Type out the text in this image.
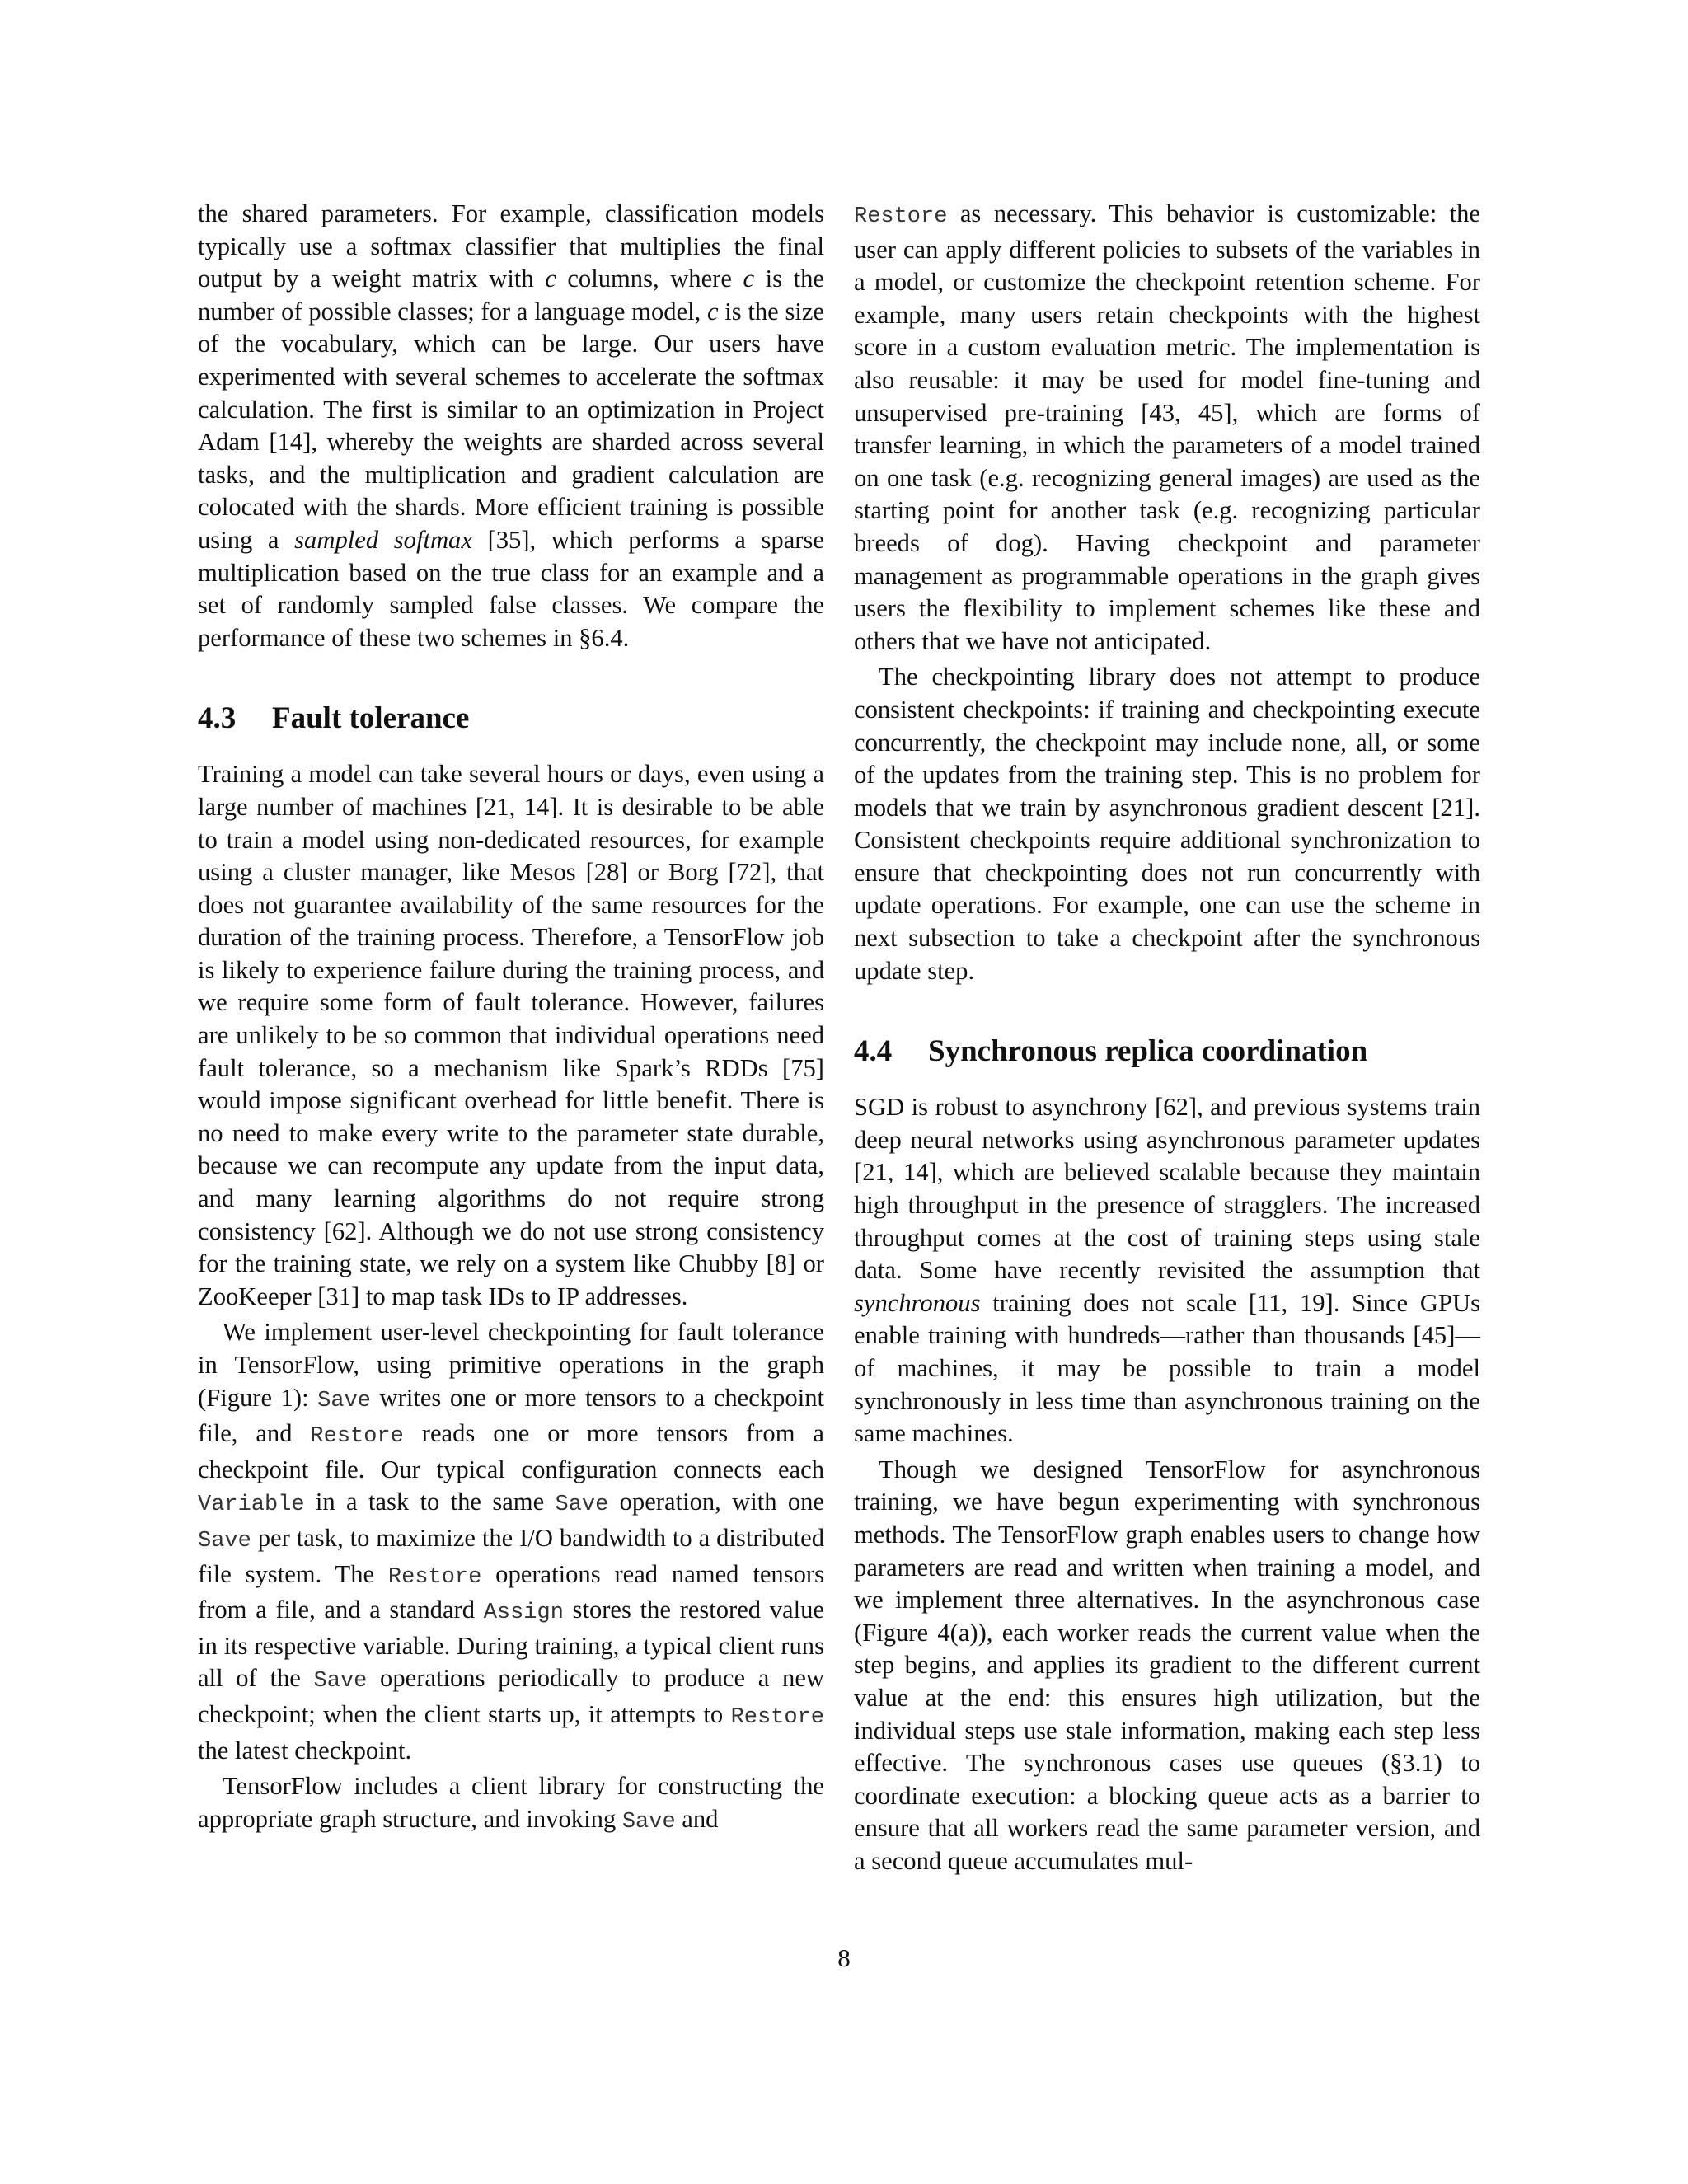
the shared parameters. For example, classification models typically use a softmax classifier that multiplies the final output by a weight matrix with c columns, where c is the number of possible classes; for a language model, c is the size of the vocabulary, which can be large. Our users have experimented with several schemes to accelerate the softmax calculation. The first is similar to an optimization in Project Adam [14], whereby the weights are sharded across several tasks, and the multiplication and gradient calculation are colocated with the shards. More efficient training is possible using a sampled softmax [35], which performs a sparse multiplication based on the true class for an example and a set of randomly sampled false classes. We compare the performance of these two schemes in §6.4.

4.3 Fault tolerance

Training a model can take several hours or days, even using a large number of machines [21, 14]. It is desirable to be able to train a model using non-dedicated resources, for example using a cluster manager, like Mesos [28] or Borg [72], that does not guarantee availability of the same resources for the duration of the training process. Therefore, a TensorFlow job is likely to experience failure during the training process, and we require some form of fault tolerance. However, failures are unlikely to be so common that individual operations need fault tolerance, so a mechanism like Spark’s RDDs [75] would impose significant overhead for little benefit. There is no need to make every write to the parameter state durable, because we can recompute any update from the input data, and many learning algorithms do not require strong consistency [62]. Although we do not use strong consistency for the training state, we rely on a system like Chubby [8] or ZooKeeper [31] to map task IDs to IP addresses.

We implement user-level checkpointing for fault tolerance in TensorFlow, using primitive operations in the graph (Figure 1): Save writes one or more tensors to a checkpoint file, and Restore reads one or more tensors from a checkpoint file. Our typical configuration connects each Variable in a task to the same Save operation, with one Save per task, to maximize the I/O bandwidth to a distributed file system. The Restore operations read named tensors from a file, and a standard Assign stores the restored value in its respective variable. During training, a typical client runs all of the Save operations periodically to produce a new checkpoint; when the client starts up, it attempts to Restore the latest checkpoint.

TensorFlow includes a client library for constructing the appropriate graph structure, and invoking Save and

Restore as necessary. This behavior is customizable: the user can apply different policies to subsets of the variables in a model, or customize the checkpoint retention scheme. For example, many users retain checkpoints with the highest score in a custom evaluation metric. The implementation is also reusable: it may be used for model fine-tuning and unsupervised pre-training [43, 45], which are forms of transfer learning, in which the parameters of a model trained on one task (e.g. recognizing general images) are used as the starting point for another task (e.g. recognizing particular breeds of dog). Having checkpoint and parameter management as programmable operations in the graph gives users the flexibility to implement schemes like these and others that we have not anticipated.

The checkpointing library does not attempt to produce consistent checkpoints: if training and checkpointing execute concurrently, the checkpoint may include none, all, or some of the updates from the training step. This is no problem for models that we train by asynchronous gradient descent [21]. Consistent checkpoints require additional synchronization to ensure that checkpointing does not run concurrently with update operations. For example, one can use the scheme in next subsection to take a checkpoint after the synchronous update step.

4.4 Synchronous replica coordination

SGD is robust to asynchrony [62], and previous systems train deep neural networks using asynchronous parameter updates [21, 14], which are believed scalable because they maintain high throughput in the presence of stragglers. The increased throughput comes at the cost of training steps using stale data. Some have recently revisited the assumption that synchronous training does not scale [11, 19]. Since GPUs enable training with hundreds—rather than thousands [45]—of machines, it may be possible to train a model synchronously in less time than asynchronous training on the same machines.

Though we designed TensorFlow for asynchronous training, we have begun experimenting with synchronous methods. The TensorFlow graph enables users to change how parameters are read and written when training a model, and we implement three alternatives. In the asynchronous case (Figure 4(a)), each worker reads the current value when the step begins, and applies its gradient to the different current value at the end: this ensures high utilization, but the individual steps use stale information, making each step less effective. The synchronous cases use queues (§3.1) to coordinate execution: a blocking queue acts as a barrier to ensure that all workers read the same parameter version, and a second queue accumulates mul-

8
